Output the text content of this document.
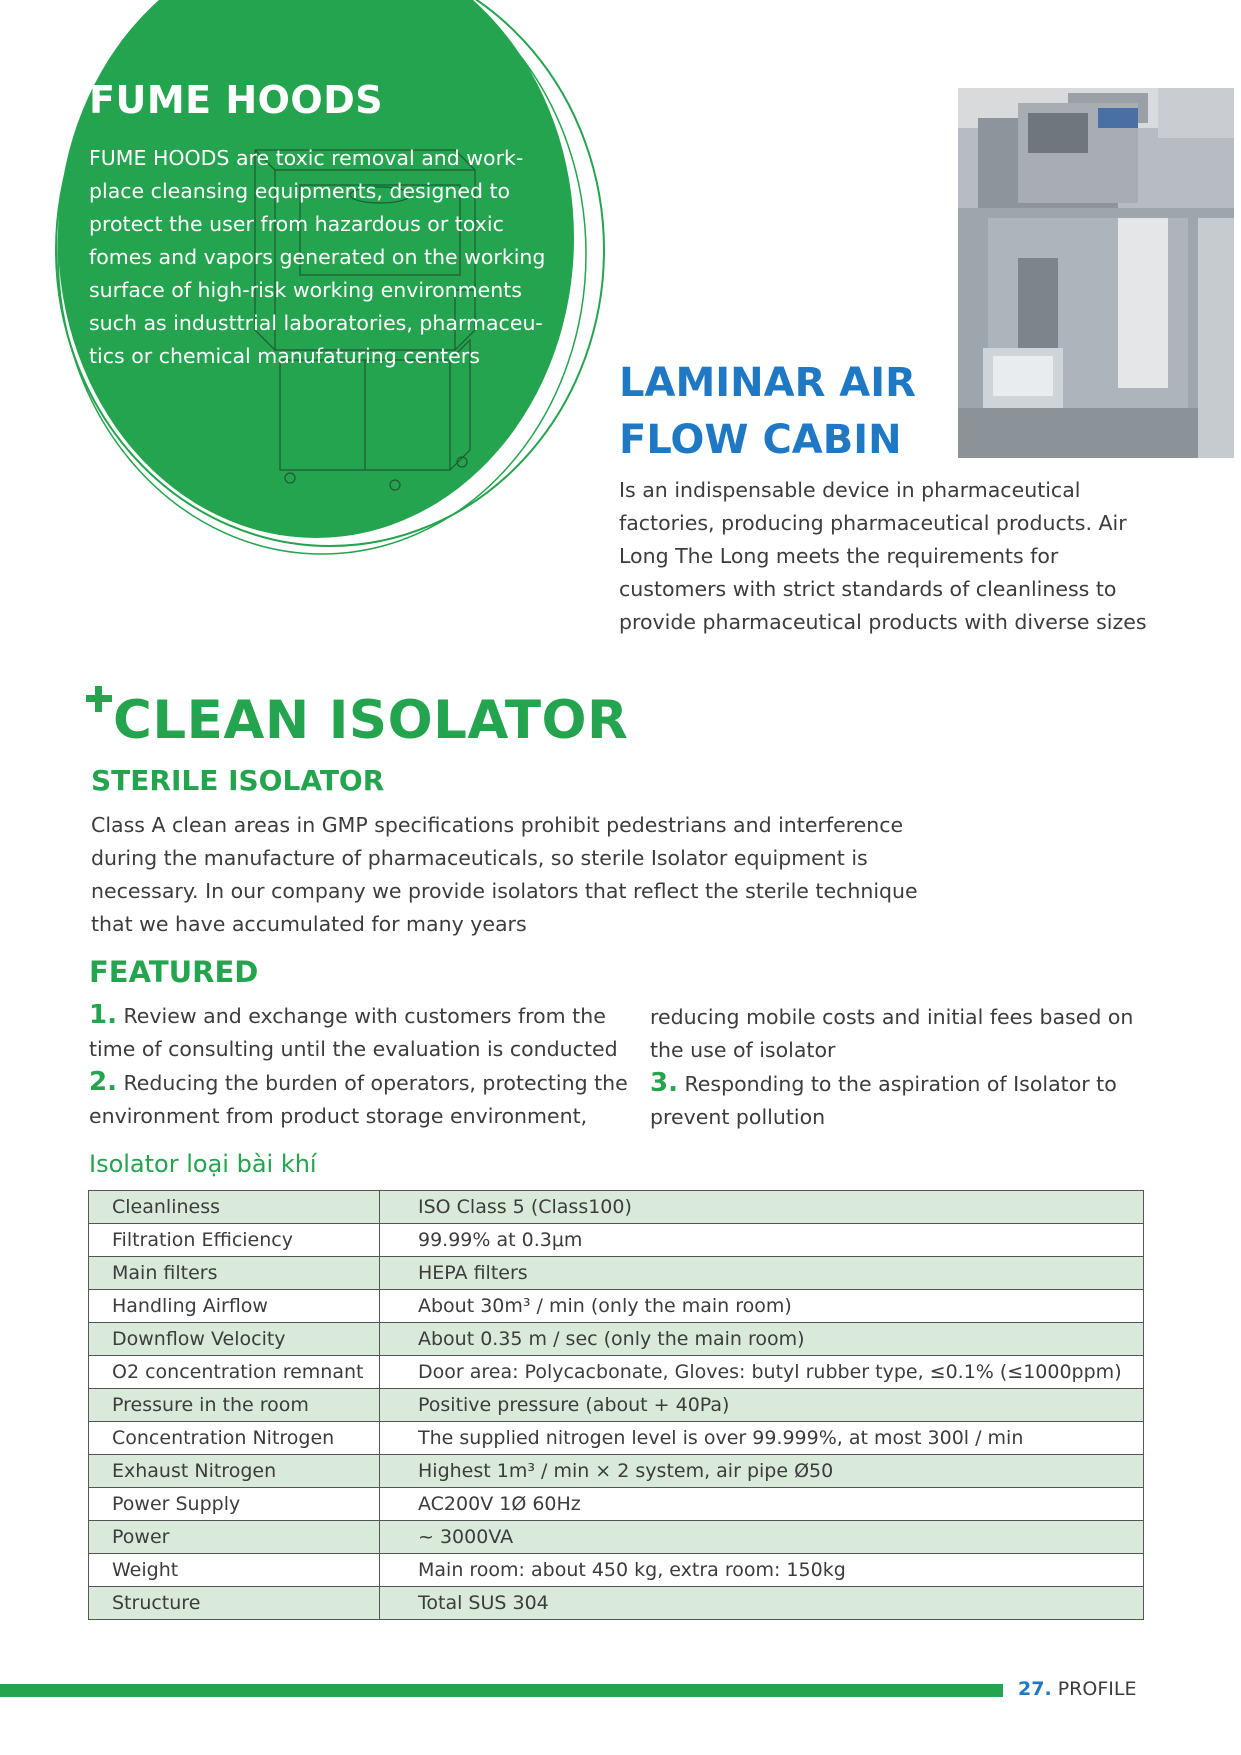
FUME HOODS
FUME HOODS are toxic removal and work-
place cleansing equipments, designed to
protect the user from hazardous or toxic
fomes and vapors generated on the working
surface of high-risk working environments
such as industtrial laboratories, pharmaceu-
tics or chemical manufaturing centers
LAMINAR AIR
FLOW CABIN
Is an indispensable device in pharmaceutical
factories, producing pharmaceutical products. Air
Long The Long meets the requirements for
customers with strict standards of cleanliness to
provide pharmaceutical products with diverse sizes
CLEAN ISOLATOR
STERILE ISOLATOR
Class A clean areas in GMP specifications prohibit pedestrians and interference
during the manufacture of pharmaceuticals, so sterile Isolator equipment is
necessary. In our company we provide isolators that reflect the sterile technique
that we have accumulated for many years
FEATURED
1. Review and exchange with customers from the
time of consulting until the evaluation is conducted
2. Reducing the burden of operators, protecting the
environment from product storage environment,
reducing mobile costs and initial fees based on
the use of isolator
3. Responding to the aspiration of Isolator to
prevent pollution
Isolator loại bài khí
Cleanliness	ISO Class 5 (Class100)
Filtration Efficiency	99.99% at 0.3μm
Main filters	HEPA filters
Handling Airflow	About 30m³ / min (only the main room)
Downflow Velocity	About 0.35 m / sec (only the main room)
O2 concentration remnant	Door area: Polycacbonate, Gloves: butyl rubber type, ≤0.1% (≤1000ppm)
Pressure in the room	Positive pressure (about + 40Pa)
Concentration Nitrogen	The supplied nitrogen level is over 99.999%, at most 300l / min
Exhaust Nitrogen	Highest 1m³ / min × 2 system, air pipe Ø50
Power Supply	AC200V 1Ø 60Hz
Power	~ 3000VA
Weight	Main room: about 450 kg, extra room: 150kg
Structure	Total SUS 304
27. PROFILE
